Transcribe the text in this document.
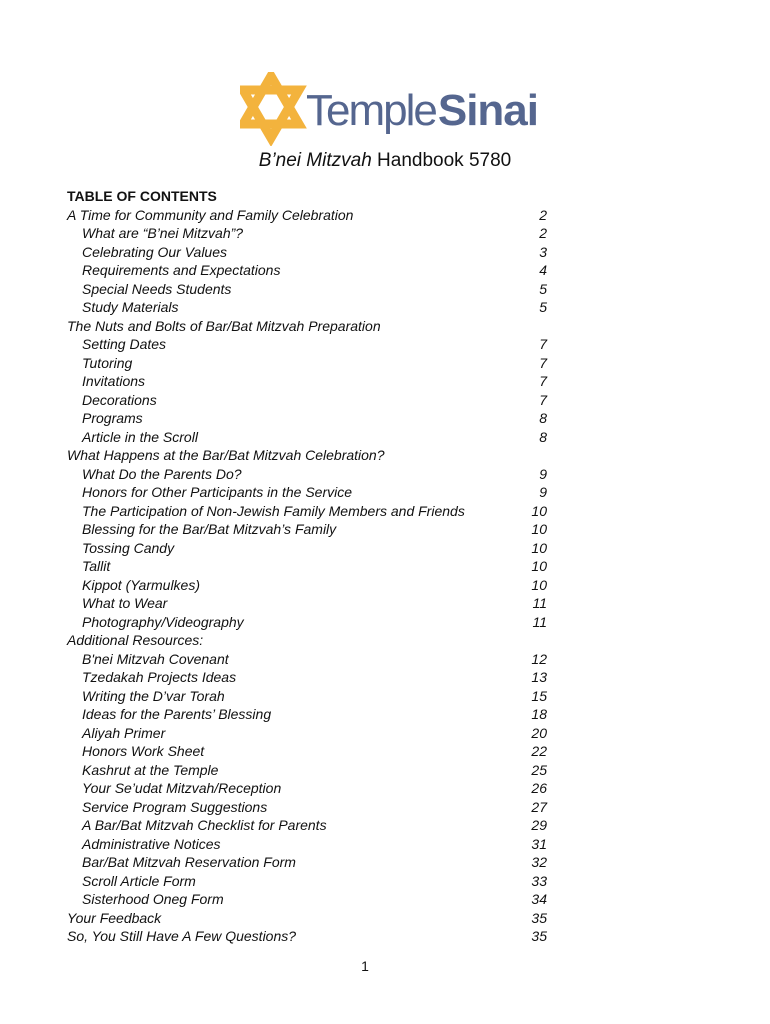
Temple Sinai
B’nei Mitzvah Handbook 5780
TABLE OF CONTENTS
A Time for Community and Family Celebration	2
What are “B’nei Mitzvah”?	2
Celebrating Our Values	3
Requirements and Expectations	4
Special Needs Students	5
Study Materials	5
The Nuts and Bolts of Bar/Bat Mitzvah Preparation
Setting Dates	7
Tutoring	7
Invitations	7
Decorations	7
Programs	8
Article in the Scroll	8
What Happens at the Bar/Bat Mitzvah Celebration?
What Do the Parents Do?	9
Honors for Other Participants in the Service	9
The Participation of Non-Jewish Family Members and Friends	10
Blessing for the Bar/Bat Mitzvah’s Family	10
Tossing Candy	10
Tallit	10
Kippot (Yarmulkes)	10
What to Wear	11
Photography/Videography	11
Additional Resources:
B'nei Mitzvah Covenant	12
Tzedakah Projects Ideas	13
Writing the D’var Torah	15
Ideas for the Parents’ Blessing	18
Aliyah Primer	20
Honors Work Sheet	22
Kashrut at the Temple	25
Your Se’udat Mitzvah/Reception	26
Service Program Suggestions	27
A Bar/Bat Mitzvah Checklist for Parents	29
Administrative Notices	31
Bar/Bat Mitzvah Reservation Form	32
Scroll Article Form	33
Sisterhood Oneg Form	34
Your Feedback	35
So, You Still Have A Few Questions?	35
1
